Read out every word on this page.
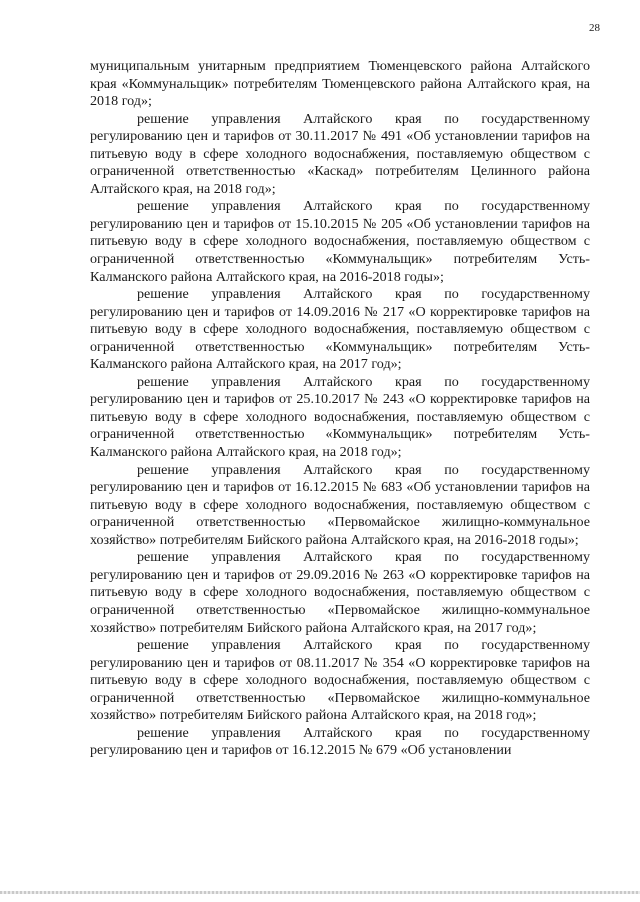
28

муниципальным унитарным предприятием Тюменцевского района Алтайского края «Коммунальщик» потребителям Тюменцевского района Алтайского края, на 2018 год»;

решение управления Алтайского края по государственному регулированию цен и тарифов от 30.11.2017 № 491 «Об установлении тарифов на питьевую воду в сфере холодного водоснабжения, поставляемую обществом с ограниченной ответственностью «Каскад» потребителям Целинного района Алтайского края, на 2018 год»;

решение управления Алтайского края по государственному регулированию цен и тарифов от 15.10.2015 № 205 «Об установлении тарифов на питьевую воду в сфере холодного водоснабжения, поставляемую обществом с ограниченной ответственностью «Коммунальщик» потребителям Усть-Калманского района Алтайского края, на 2016-2018 годы»;

решение управления Алтайского края по государственному регулированию цен и тарифов от 14.09.2016 № 217 «О корректировке тарифов на питьевую воду в сфере холодного водоснабжения, поставляемую обществом с ограниченной ответственностью «Коммунальщик» потребителям Усть-Калманского района Алтайского края, на 2017 год»;

решение управления Алтайского края по государственному регулированию цен и тарифов от 25.10.2017 № 243 «О корректировке тарифов на питьевую воду в сфере холодного водоснабжения, поставляемую обществом с ограниченной ответственностью «Коммунальщик» потребителям Усть-Калманского района Алтайского края, на 2018 год»;

решение управления Алтайского края по государственному регулированию цен и тарифов от 16.12.2015 № 683 «Об установлении тарифов на питьевую воду в сфере холодного водоснабжения, поставляемую обществом с ограниченной ответственностью «Первомайское жилищно-коммунальное хозяйство» потребителям Бийского района Алтайского края, на 2016-2018 годы»;

решение управления Алтайского края по государственному регулированию цен и тарифов от 29.09.2016 № 263 «О корректировке тарифов на питьевую воду в сфере холодного водоснабжения, поставляемую обществом с ограниченной ответственностью «Первомайское жилищно-коммунальное хозяйство» потребителям Бийского района Алтайского края, на 2017 год»;

решение управления Алтайского края по государственному регулированию цен и тарифов от 08.11.2017 № 354 «О корректировке тарифов на питьевую воду в сфере холодного водоснабжения, поставляемую обществом с ограниченной ответственностью «Первомайское жилищно-коммунальное хозяйство» потребителям Бийского района Алтайского края, на 2018 год»;

решение управления Алтайского края по государственному регулированию цен и тарифов от 16.12.2015 № 679 «Об установлении
